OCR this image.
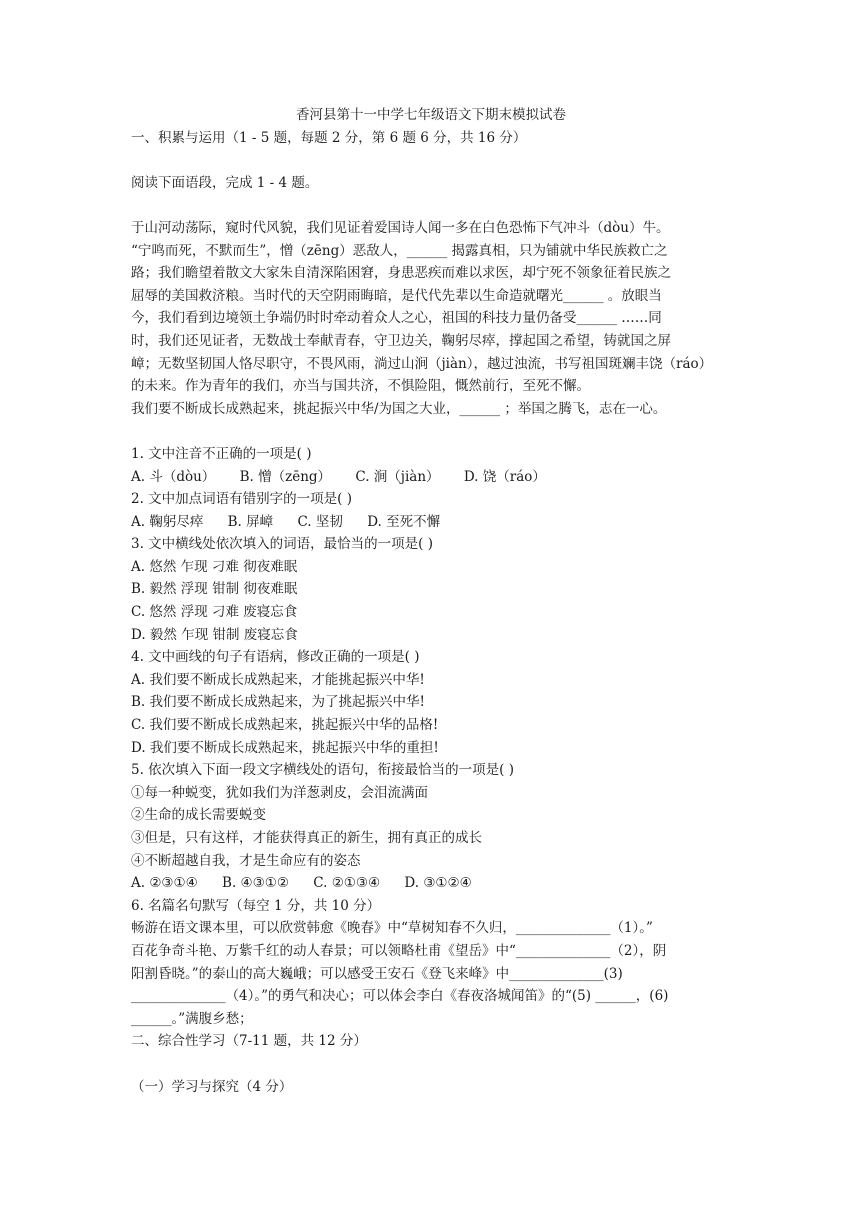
香河县第十一中学七年级语文下期末模拟试卷
一、积累与运用（1 - 5 题，每题 2 分，第 6 题 6 分，共 16 分）
阅读下面语段，完成 1 - 4 题。
于山河动荡际，窥时代风貌，我们见证着爱国诗人闻一多在白色恐怖下气冲斗（dòu）牛。
“宁鸣而死，不默而生”，憎（zēng）恶敌人，______ 揭露真相，只为铺就中华民族救亡之
路；我们瞻望着散文大家朱自清深陷困窘，身患恶疾而难以求医，却宁死不领象征着民族之
屈辱的美国救济粮。当时代的天空阴雨晦暗，是代代先辈以生命造就曙光______ 。放眼当
今，我们看到边境领土争端仍时时牵动着众人之心，祖国的科技力量仍备受______ ……同
时，我们还见证者，无数战士奉献青春，守卫边关，鞠躬尽瘁，撑起国之希望，铸就国之屏
嶂；无数坚韧国人恪尽职守，不畏风雨，淌过山涧（jiàn），越过浊流，书写祖国斑斓丰饶（ráo）
的未来。作为青年的我们，亦当与国共济，不惧险阻，慨然前行，至死不懈。
我们要不断成长成熟起来，挑起振兴中华/为国之大业，______ ；举国之腾飞，志在一心。
1. 文中注音不正确的一项是( )
A. 斗（dòu） B. 憎（zēng） C. 涧（jiàn） D. 饶（ráo）
2. 文中加点词语有错别字的一项是( )
A. 鞠躬尽瘁 B. 屏嶂 C. 坚韧 D. 至死不懈
3. 文中横线处依次填入的词语，最恰当的一项是( )
A. 悠然 乍现 刁难 彻夜难眠
B. 毅然 浮现 钳制 彻夜难眠
C. 悠然 浮现 刁难 废寝忘食
D. 毅然 乍现 钳制 废寝忘食
4. 文中画线的句子有语病，修改正确的一项是( )
A. 我们要不断成长成熟起来，才能挑起振兴中华!
B. 我们要不断成长成熟起来，为了挑起振兴中华!
C. 我们要不断成长成熟起来，挑起振兴中华的品格!
D. 我们要不断成长成熟起来，挑起振兴中华的重担!
5. 依次填入下面一段文字横线处的语句，衔接最恰当的一项是( )
①每一种蜕变，犹如我们为洋葱剥皮，会泪流满面
②生命的成长需要蜕变
③但是，只有这样，才能获得真正的新生，拥有真正的成长
④不断超越自我，才是生命应有的姿态
A. ②③①④ B. ④③①② C. ②①③④ D. ③①②④
6. 名篇名句默写（每空 1 分，共 10 分）
畅游在语文课本里，可以欣赏韩愈《晚春》中“草树知春不久归，______________（1）。”
百花争奇斗艳、万紫千红的动人春景；可以领略杜甫《望岳》中“______________（2），阴
阳割昏晓。”的泰山的高大巍峨；可以感受王安石《登飞来峰》中______________(3)
______________（4）。”的勇气和决心；可以体会李白《春夜洛城闻笛》的“(5) ______，(6)
______。”满腹乡愁；
二、综合性学习（7-11 题，共 12 分）
（一）学习与探究（4 分）
